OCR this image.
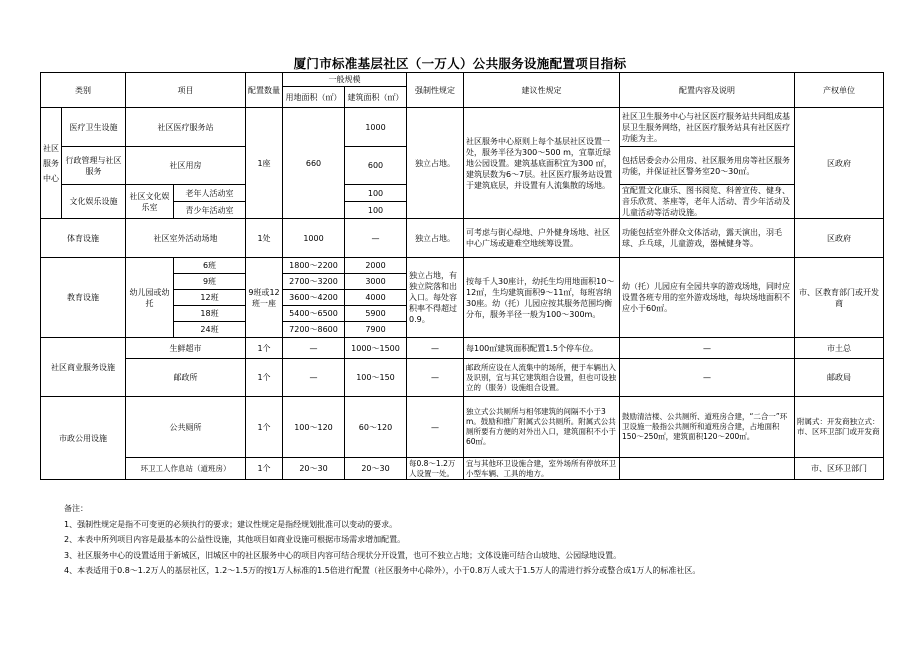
厦门市标准基层社区（一万人）公共服务设施配置项目指标
类别		项目		配置数量	一般规模		强制性规定	建议性规定	配置内容及说明	产权单位
					用地面积（㎡）	建筑面积（㎡）				
社区服务中心	医疗卫生设施	社区医疗服务站		1座	660	1000	独立占地。	社区服务中心原则上每个基层社区设置一处，服务半径为300～500 m，宜靠近绿地公园设置。建筑基底面积宜为300 ㎡，建筑层数为6～7层。社区医疗服务站设置于建筑底层，并设置有人流集散的场地。	社区卫生服务中心与社区医疗服务站共同组成基层卫生服务网络，社区医疗服务站具有社区医疗功能为主。	区政府
	行政管理与社区服务	社区用房				600			包括居委会办公用房、社区服务用房等社区服务功能，并保证社区警务室20～30㎡。	
	文化娱乐设施	社区文化娱乐室	老年人活动室			100			宜配置文化康乐、图书阅览、科普宣传、健身、音乐欣赏、茶座等，老年人活动、青少年活动及儿童活动等活动设施。	
			青少年活动室			100				
体育设施		社区室外活动场地		1处	1000	—	独立占地。	可考虑与街心绿地、户外健身场地、社区中心广场或避难空地统筹设置。	功能包括室外群众文体活动，露天演出，羽毛球、乒乓球，儿童游戏，器械健身等。	区政府
教育设施		幼儿园或幼托	6班	9班或12班一座	1800～2200	2000	独立占地，有独立院落和出入口。每处容积率不得超过0.9。	按每千人30座计，幼托生均用地面积10～12㎡，生均建筑面积9～11㎡，每班容纳30座。幼（托）儿园应按其服务范围均衡分布，服务半径一般为100～300m。	幼（托）儿园应有全园共享的游戏场地，同时应设置各班专用的室外游戏场地，每块场地面积不应小于60㎡。	市、区教育部门或开发商
			9班		2700～3200	3000				
			12班		3600～4200	4000				
			18班		5400～6500	5900				
			24班		7200～8600	7900				
社区商业服务设施		生鲜超市		1个	—	1000～1500	—	每100㎡建筑面积配置1.5个停车位。	—	市土总
		邮政所		1个	—	100～150	—	邮政所应设在人流集中的场所，便于车辆出入及识别，宜与其它建筑组合设置，但也可设独立的（服务）设施组合设置。	—	邮政局
市政公用设施		公共厕所		1个	100～120	60～120	—	独立式公共厕所与相邻建筑的间隔不小于3 m。鼓励和推广附属式公共厕所。附属式公共厕所要有方便的对外出入口，建筑面积不小于60㎡。	鼓励清洁楼、公共厕所、道班房合建，“二合一”环卫设施一般指公共厕所和道班房合建，占地面积150～250㎡，建筑面积120～200㎡。	附属式：开发商独立式：市、区环卫部门或开发商
		环卫工人作息站（道班房）		1个	20～30	20～30	每0.8～1.2万人设置一处。	宜与其他环卫设施合建，室外场所有停放环卫小型车辆、工具的地方。		市、区环卫部门
备注：
1、强制性规定是指不可变更的必须执行的要求；建议性规定是指经规划批准可以变动的要求。
2、本表中所列项目内容是最基本的公益性设施，其他项目如商业设施可根据市场需求增加配置。
3、社区服务中心的设置适用于新城区，旧城区中的社区服务中心的项目内容可结合现状分开设置，也可不独立占地；文体设施可结合山坡地、公园绿地设置。
4、本表适用于0.8～1.2万人的基层社区，1.2～1.5万的按1万人标准的1.5倍进行配置（社区服务中心除外），小于0.8万人或大于1.5万人的需进行拆分或整合成1万人的标准社区。
